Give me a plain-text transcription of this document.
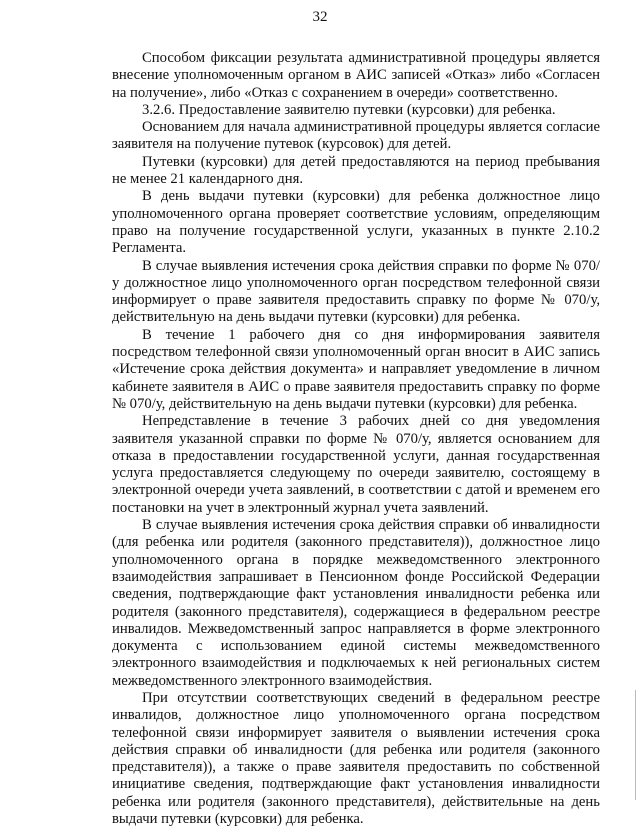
32

Способом фиксации результата административной процедуры является внесение уполномоченным органом в АИС записей «Отказ» либо «Согласен на получение», либо «Отказ с сохранением в очереди» соответственно.

3.2.6. Предоставление заявителю путевки (курсовки) для ребенка.

Основанием для начала административной процедуры является согласие заявителя на получение путевок (курсовок) для детей.

Путевки (курсовки) для детей предоставляются на период пребывания не менее 21 календарного дня.

В день выдачи путевки (курсовки) для ребенка должностное лицо уполномоченного органа проверяет соответствие условиям, определяющим право на получение государственной услуги, указанных в пункте 2.10.2 Регламента.

В случае выявления истечения срока действия справки по форме № 070/у должностное лицо уполномоченного орган посредством телефонной связи информирует о праве заявителя предоставить справку по форме № 070/у, действительную на день выдачи путевки (курсовки) для ребенка.

В течение 1 рабочего дня со дня информирования заявителя посредством телефонной связи уполномоченный орган вносит в АИС запись «Истечение срока действия документа» и направляет уведомление в личном кабинете заявителя в АИС о праве заявителя предоставить справку по форме № 070/у, действительную на день выдачи путевки (курсовки) для ребенка.

Непредставление в течение 3 рабочих дней со дня уведомления заявителя указанной справки по форме № 070/у, является основанием для отказа в предоставлении государственной услуги, данная государственная услуга предоставляется следующему по очереди заявителю, состоящему в электронной очереди учета заявлений, в соответствии с датой и временем его постановки на учет в электронный журнал учета заявлений.

В случае выявления истечения срока действия справки об инвалидности (для ребенка или родителя (законного представителя)), должностное лицо уполномоченного органа в порядке межведомственного электронного взаимодействия запрашивает в Пенсионном фонде Российской Федерации сведения, подтверждающие факт установления инвалидности ребенка или родителя (законного представителя), содержащиеся в федеральном реестре инвалидов. Межведомственный запрос направляется в форме электронного документа с использованием единой системы межведомственного электронного взаимодействия и подключаемых к ней региональных систем межведомственного электронного взаимодействия.

При отсутствии соответствующих сведений в федеральном реестре инвалидов, должностное лицо уполномоченного органа посредством телефонной связи информирует заявителя о выявлении истечения срока действия справки об инвалидности (для ребенка или родителя (законного представителя)), а также о праве заявителя предоставить по собственной инициативе сведения, подтверждающие факт установления инвалидности ребенка или родителя (законного представителя), действительные на день выдачи путевки (курсовки) для ребенка.
